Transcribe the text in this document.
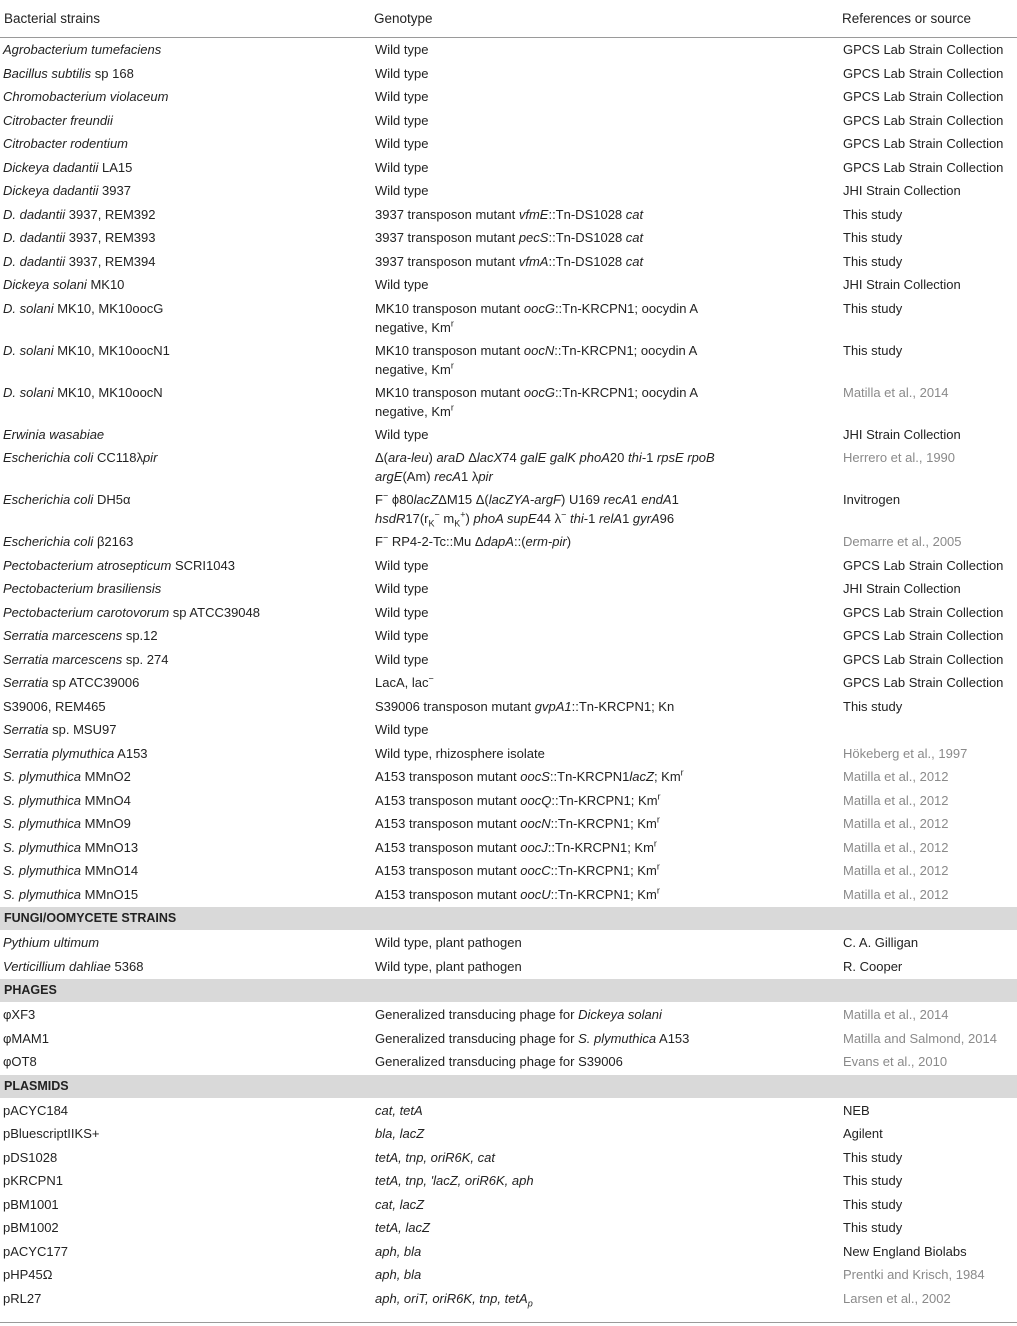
Bacterial strains	Genotype	References or source
Agrobacterium tumefaciens	Wild type	GPCS Lab Strain Collection
Bacillus subtilis sp 168	Wild type	GPCS Lab Strain Collection
Chromobacterium violaceum	Wild type	GPCS Lab Strain Collection
Citrobacter freundii	Wild type	GPCS Lab Strain Collection
Citrobacter rodentium	Wild type	GPCS Lab Strain Collection
Dickeya dadantii LA15	Wild type	GPCS Lab Strain Collection
Dickeya dadantii 3937	Wild type	JHI Strain Collection
D. dadantii 3937, REM392	3937 transposon mutant vfmE::Tn-DS1028 cat	This study
D. dadantii 3937, REM393	3937 transposon mutant pecS::Tn-DS1028 cat	This study
D. dadantii 3937, REM394	3937 transposon mutant vfmA::Tn-DS1028 cat	This study
Dickeya solani MK10	Wild type	JHI Strain Collection
D. solani MK10, MK10oocG	MK10 transposon mutant oocG::Tn-KRCPN1; oocydin A
negative, Km$^r$	This study
D. solani MK10, MK10oocN1	MK10 transposon mutant oocN::Tn-KRCPN1; oocydin A
negative, Km$^r$	This study
D. solani MK10, MK10oocN	MK10 transposon mutant oocG::Tn-KRCPN1; oocydin A
negative, Km$^r$	Matilla et al., 2014
Erwinia wasabiae	Wild type	JHI Strain Collection
Escherichia coli CC118λpir	Δ(ara-leu) araD ΔlacX74 galE galK phoA20 thi-1 rpsE rpoB
argE(Am) recA1 λpir	Herrero et al., 1990
Escherichia coli DH5α	F− ϕ80lacZΔM15 Δ(lacZYA-argF) U169 recA1 endA1
$hsdR17(r_K^-$ $m_K^+$) phoA supE44 λ− thi-1 relA1 gyrA96	Invitrogen
Escherichia coli β2163	F− RP4-2-Tc::Mu ΔdapA::(erm-pir)	Demarre et al., 2005
Pectobacterium atrosepticum SCRI1043	Wild type	GPCS Lab Strain Collection
Pectobacterium brasiliensis	Wild type	JHI Strain Collection
Pectobacterium carotovorum sp ATCC39048	Wild type	GPCS Lab Strain Collection
Serratia marcescens sp.12	Wild type	GPCS Lab Strain Collection
Serratia marcescens sp. 274	Wild type	GPCS Lab Strain Collection
Serratia sp ATCC39006	LacA, lac−	GPCS Lab Strain Collection
S39006, REM465	S39006 transposon mutant gvpA1::Tn-KRCPN1; Kn	This study
Serratia sp. MSU97	Wild type	
Serratia plymuthica A153	Wild type, rhizosphere isolate	Hökeberg et al., 1997
S. plymuthica MMnO2	A153 transposon mutant oocS::Tn-KRCPN1lacZ; Km$^r$	Matilla et al., 2012
S. plymuthica MMnO4	A153 transposon mutant oocQ::Tn-KRCPN1; Km$^r$	Matilla et al., 2012
S. plymuthica MMnO9	A153 transposon mutant oocN::Tn-KRCPN1; Km$^r$	Matilla et al., 2012
S. plymuthica MMnO13	A153 transposon mutant oocJ::Tn-KRCPN1; Km$^r$	Matilla et al., 2012
S. plymuthica MMnO14	A153 transposon mutant oocC::Tn-KRCPN1; Km$^r$	Matilla et al., 2012
S. plymuthica MMnO15	A153 transposon mutant oocU::Tn-KRCPN1; Km$^r$	Matilla et al., 2012
FUNGI/OOMYCETE STRAINS		
Pythium ultimum	Wild type, plant pathogen	C. A. Gilligan
Verticillium dahliae 5368	Wild type, plant pathogen	R. Cooper
PHAGES		
φXF3	Generalized transducing phage for Dickeya solani	Matilla et al., 2014
φMAM1	Generalized transducing phage for S. plymuthica A153	Matilla and Salmond, 2014
φOT8	Generalized transducing phage for S39006	Evans et al., 2010
PLASMIDS		
pACYC184	cat, tetA	NEB
pBluescriptIIKS+	bla, lacZ	Agilent
pDS1028	tetA, tnp, oriR6K, cat	This study
pKRCPN1	tetA, tnp, 'lacZ, oriR6K, aph	This study
pBM1001	cat, lacZ	This study
pBM1002	tetA, lacZ	This study
pACYC177	aph, bla	New England Biolabs
pHP45Ω	aph, bla	Prentki and Krisch, 1984
pRL27	aph, oriT, oriR6K, tnp, tetA$_p$	Larsen et al., 2002
